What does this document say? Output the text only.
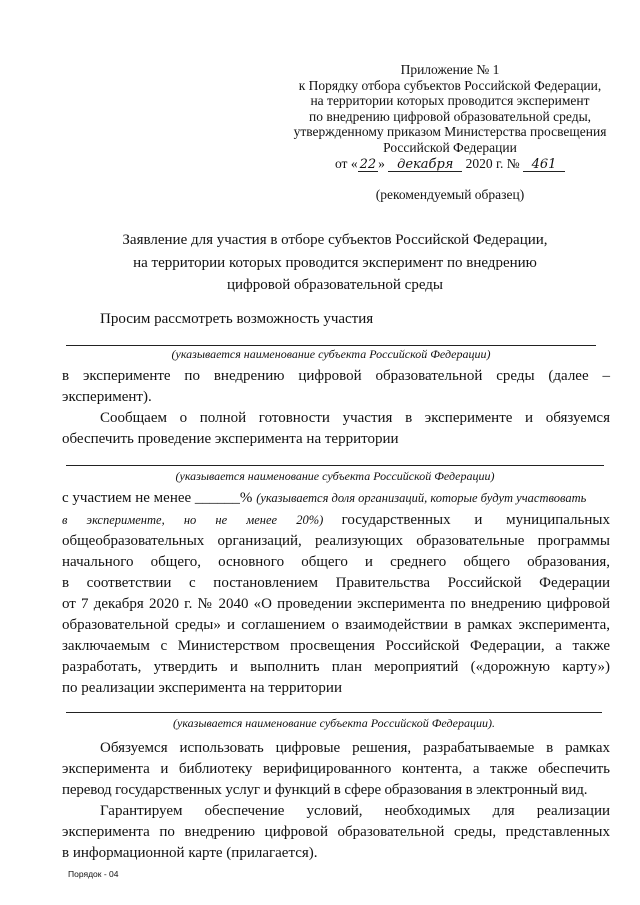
Приложение № 1
к Порядку отбора субъектов Российской Федерации,
на территории которых проводится эксперимент
по внедрению цифровой образовательной среды,
утвержденному приказом Министерства просвещения
Российской Федерации
от « 22 » декабря 2020 г. № 461
(рекомендуемый образец)
Заявление для участия в отборе субъектов Российской Федерации,
на территории которых проводится эксперимент по внедрению
цифровой образовательной среды
Просим рассмотреть возможность участия
(указывается наименование субъекта Российской Федерации)
в эксперименте по внедрению цифровой образовательной среды (далее –
эксперимент).
Сообщаем о полной готовности участия в эксперименте и обязуемся
обеспечить проведение эксперимента на территории
(указывается наименование субъекта Российской Федерации)
с участием не менее ______% (указывается доля организаций, которые будут участвовать
в эксперименте, но не менее 20%) государственных и муниципальных
общеобразовательных организаций, реализующих образовательные программы
начального общего, основного общего и среднего общего образования,
в соответствии с постановлением Правительства Российской Федерации
от 7 декабря 2020 г. № 2040 «О проведении эксперимента по внедрению цифровой
образовательной среды» и соглашением о взаимодействии в рамках эксперимента,
заключаемым с Министерством просвещения Российской Федерации, а также
разработать, утвердить и выполнить план мероприятий («дорожную карту»)
по реализации эксперимента на территории
(указывается наименование субъекта Российской Федерации).
Обязуемся использовать цифровые решения, разрабатываемые в рамках
эксперимента и библиотеку верифицированного контента, а также обеспечить
перевод государственных услуг и функций в сфере образования в электронный вид.
Гарантируем обеспечение условий, необходимых для реализации
эксперимента по внедрению цифровой образовательной среды, представленных
в информационной карте (прилагается).
Порядок - 04
